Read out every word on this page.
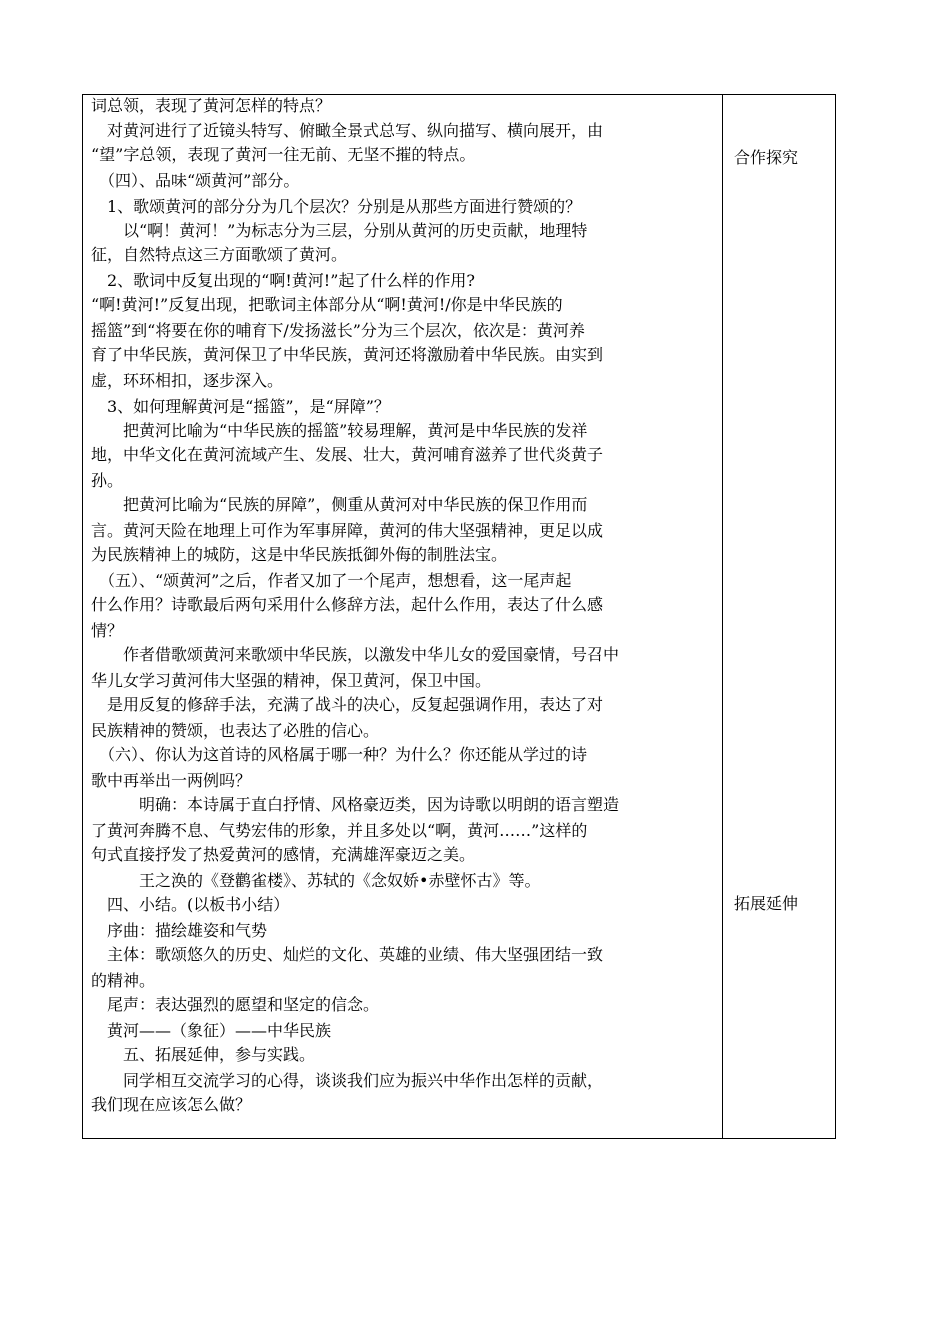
词总领，表现了黄河怎样的特点？
　对黄河进行了近镜头特写、俯瞰全景式总写、纵向描写、横向展开，由
“望”字总领，表现了黄河一往无前、无坚不摧的特点。
　（四）、品味“颂黄河”部分。
　1、歌颂黄河的部分分为几个层次？分别是从那些方面进行赞颂的？
　　以“啊！黄河！”为标志分为三层，分别从黄河的历史贡献，地理特
征，自然特点这三方面歌颂了黄河。
　2、歌词中反复出现的“啊!黄河!”起了什么样的作用?
“啊!黄河!”反复出现，把歌词主体部分从“啊!黄河!/你是中华民族的
摇篮”到“将要在你的哺育下/发扬滋长”分为三个层次，依次是：黄河养
育了中华民族，黄河保卫了中华民族，黄河还将激励着中华民族。由实到
虚，环环相扣，逐步深入。
　3、如何理解黄河是“摇篮”，是“屏障”？
　　把黄河比喻为“中华民族的摇篮”较易理解，黄河是中华民族的发祥
地，中华文化在黄河流域产生、发展、壮大，黄河哺育滋养了世代炎黄子
孙。
　　把黄河比喻为“民族的屏障”，侧重从黄河对中华民族的保卫作用而
言。黄河天险在地理上可作为军事屏障，黄河的伟大坚强精神，更足以成
为民族精神上的城防，这是中华民族抵御外侮的制胜法宝。
　（五）、“颂黄河”之后，作者又加了一个尾声，想想看，这一尾声起
什么作用？诗歌最后两句采用什么修辞方法，起什么作用，表达了什么感
情？
　　作者借歌颂黄河来歌颂中华民族，以激发中华儿女的爱国豪情，号召中
华儿女学习黄河伟大坚强的精神，保卫黄河，保卫中国。
　是用反复的修辞手法，充满了战斗的决心，反复起强调作用，表达了对
民族精神的赞颂，也表达了必胜的信心。
　（六）、你认为这首诗的风格属于哪一种？为什么？你还能从学过的诗
歌中再举出一两例吗？
　　　明确：本诗属于直白抒情、风格豪迈类，因为诗歌以明朗的语言塑造
了黄河奔腾不息、气势宏伟的形象，并且多处以“啊，黄河……”这样的
句式直接抒发了热爱黄河的感情，充满雄浑豪迈之美。
　　　王之涣的《登鹳雀楼》、苏轼的《念奴娇•赤壁怀古》等。
　四、小结。(以板书小结）
　序曲：描绘雄姿和气势
　主体：歌颂悠久的历史、灿烂的文化、英雄的业绩、伟大坚强团结一致
的精神。
　尾声：表达强烈的愿望和坚定的信念。
　黄河——（象征）——中华民族
　　五、拓展延伸，参与实践。
　　同学相互交流学习的心得，谈谈我们应为振兴中华作出怎样的贡献，
我们现在应该怎么做？
合作探究
拓展延伸
